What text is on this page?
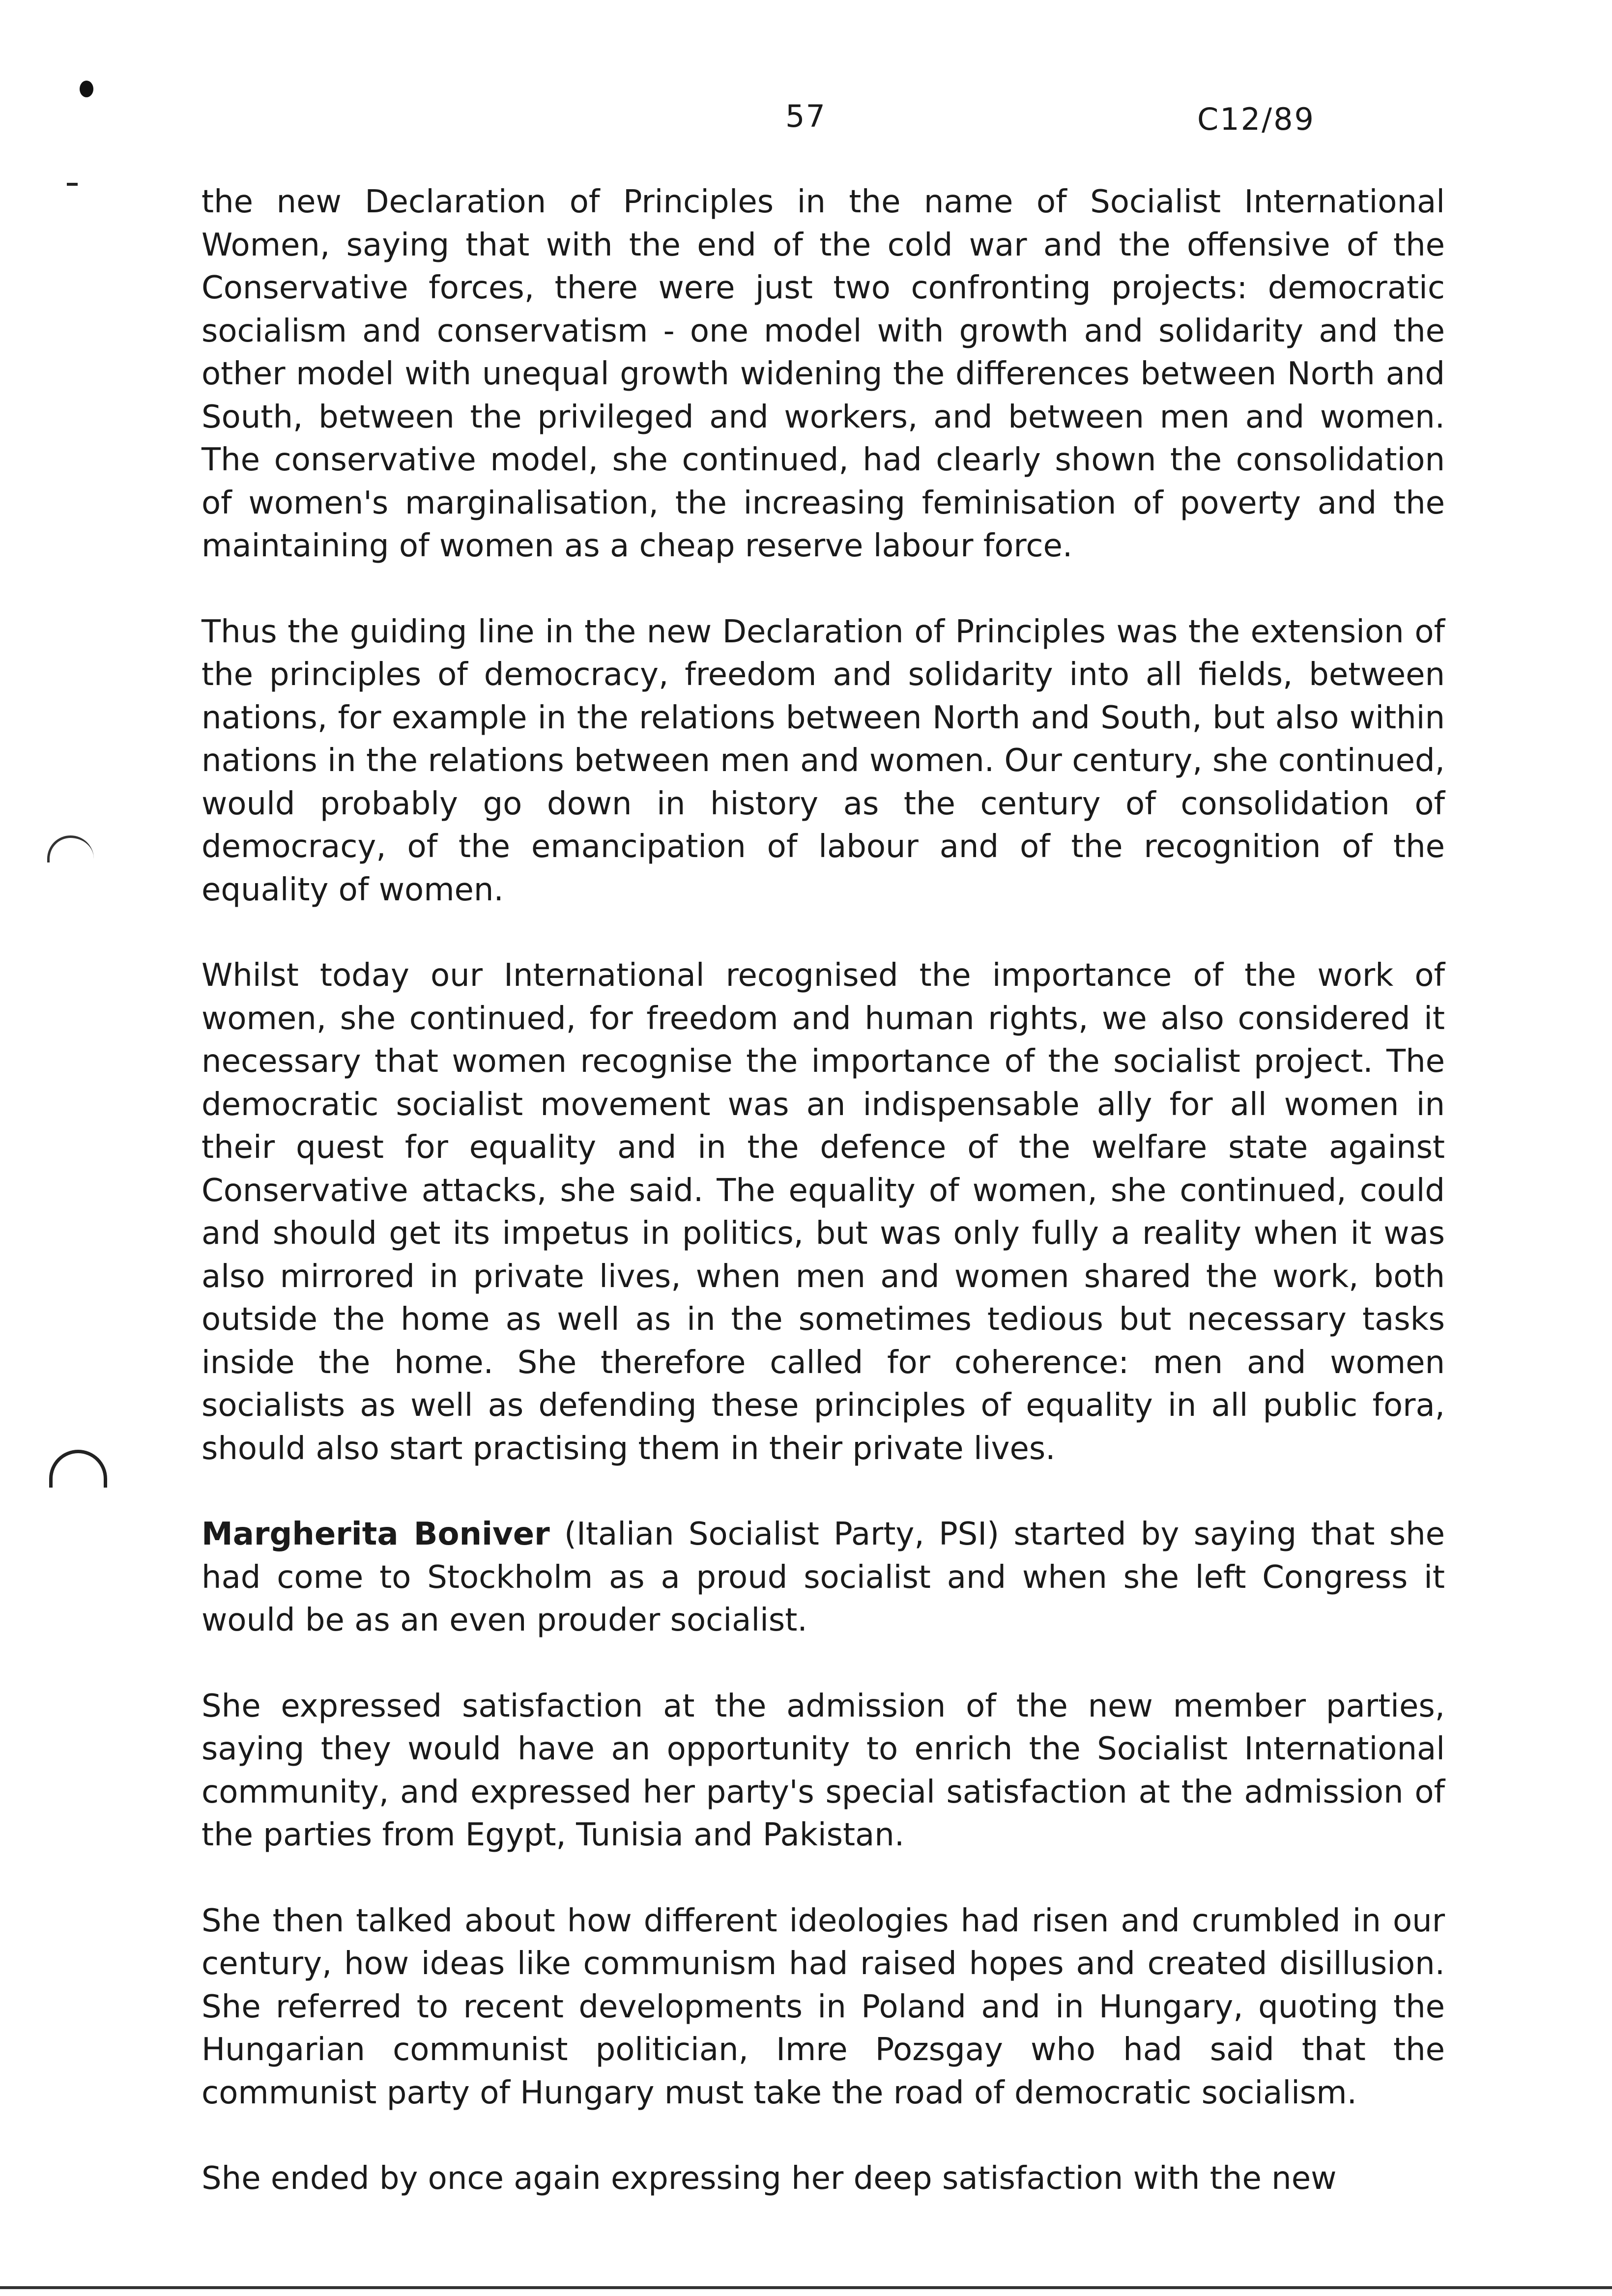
57	C12/89

the new Declaration of Principles in the name of Socialist International Women, saying that with the end of the cold war and the offensive of the Conservative forces, there were just two confronting projects: democratic socialism and conservatism - one model with growth and solidarity and the other model with unequal growth widening the differences between North and South, between the privileged and workers, and between men and women. The conservative model, she continued, had clearly shown the consolidation of women's marginalisation, the increasing feminisation of poverty and the maintaining of women as a cheap reserve labour force.

Thus the guiding line in the new Declaration of Principles was the extension of the principles of democracy, freedom and solidarity into all fields, between nations, for example in the relations between North and South, but also within nations in the relations between men and women. Our century, she continued, would probably go down in history as the century of consolidation of democracy, of the emancipation of labour and of the recognition of the equality of women.

Whilst today our International recognised the importance of the work of women, she continued, for freedom and human rights, we also considered it necessary that women recognise the importance of the socialist project. The democratic socialist movement was an indispensable ally for all women in their quest for equality and in the defence of the welfare state against Conservative attacks, she said. The equality of women, she continued, could and should get its impetus in politics, but was only fully a reality when it was also mirrored in private lives, when men and women shared the work, both outside the home as well as in the sometimes tedious but necessary tasks inside the home. She therefore called for coherence: men and women socialists as well as defending these principles of equality in all public fora, should also start practising them in their private lives.

Margherita Boniver (Italian Socialist Party, PSI) started by saying that she had come to Stockholm as a proud socialist and when she left Congress it would be as an even prouder socialist.

She expressed satisfaction at the admission of the new member parties, saying they would have an opportunity to enrich the Socialist International community, and expressed her party's special satisfaction at the admission of the parties from Egypt, Tunisia and Pakistan.

She then talked about how different ideologies had risen and crumbled in our century, how ideas like communism had raised hopes and created disillusion. She referred to recent developments in Poland and in Hungary, quoting the Hungarian communist politician, Imre Pozsgay who had said that the communist party of Hungary must take the road of democratic socialism.

She ended by once again expressing her deep satisfaction with the new
